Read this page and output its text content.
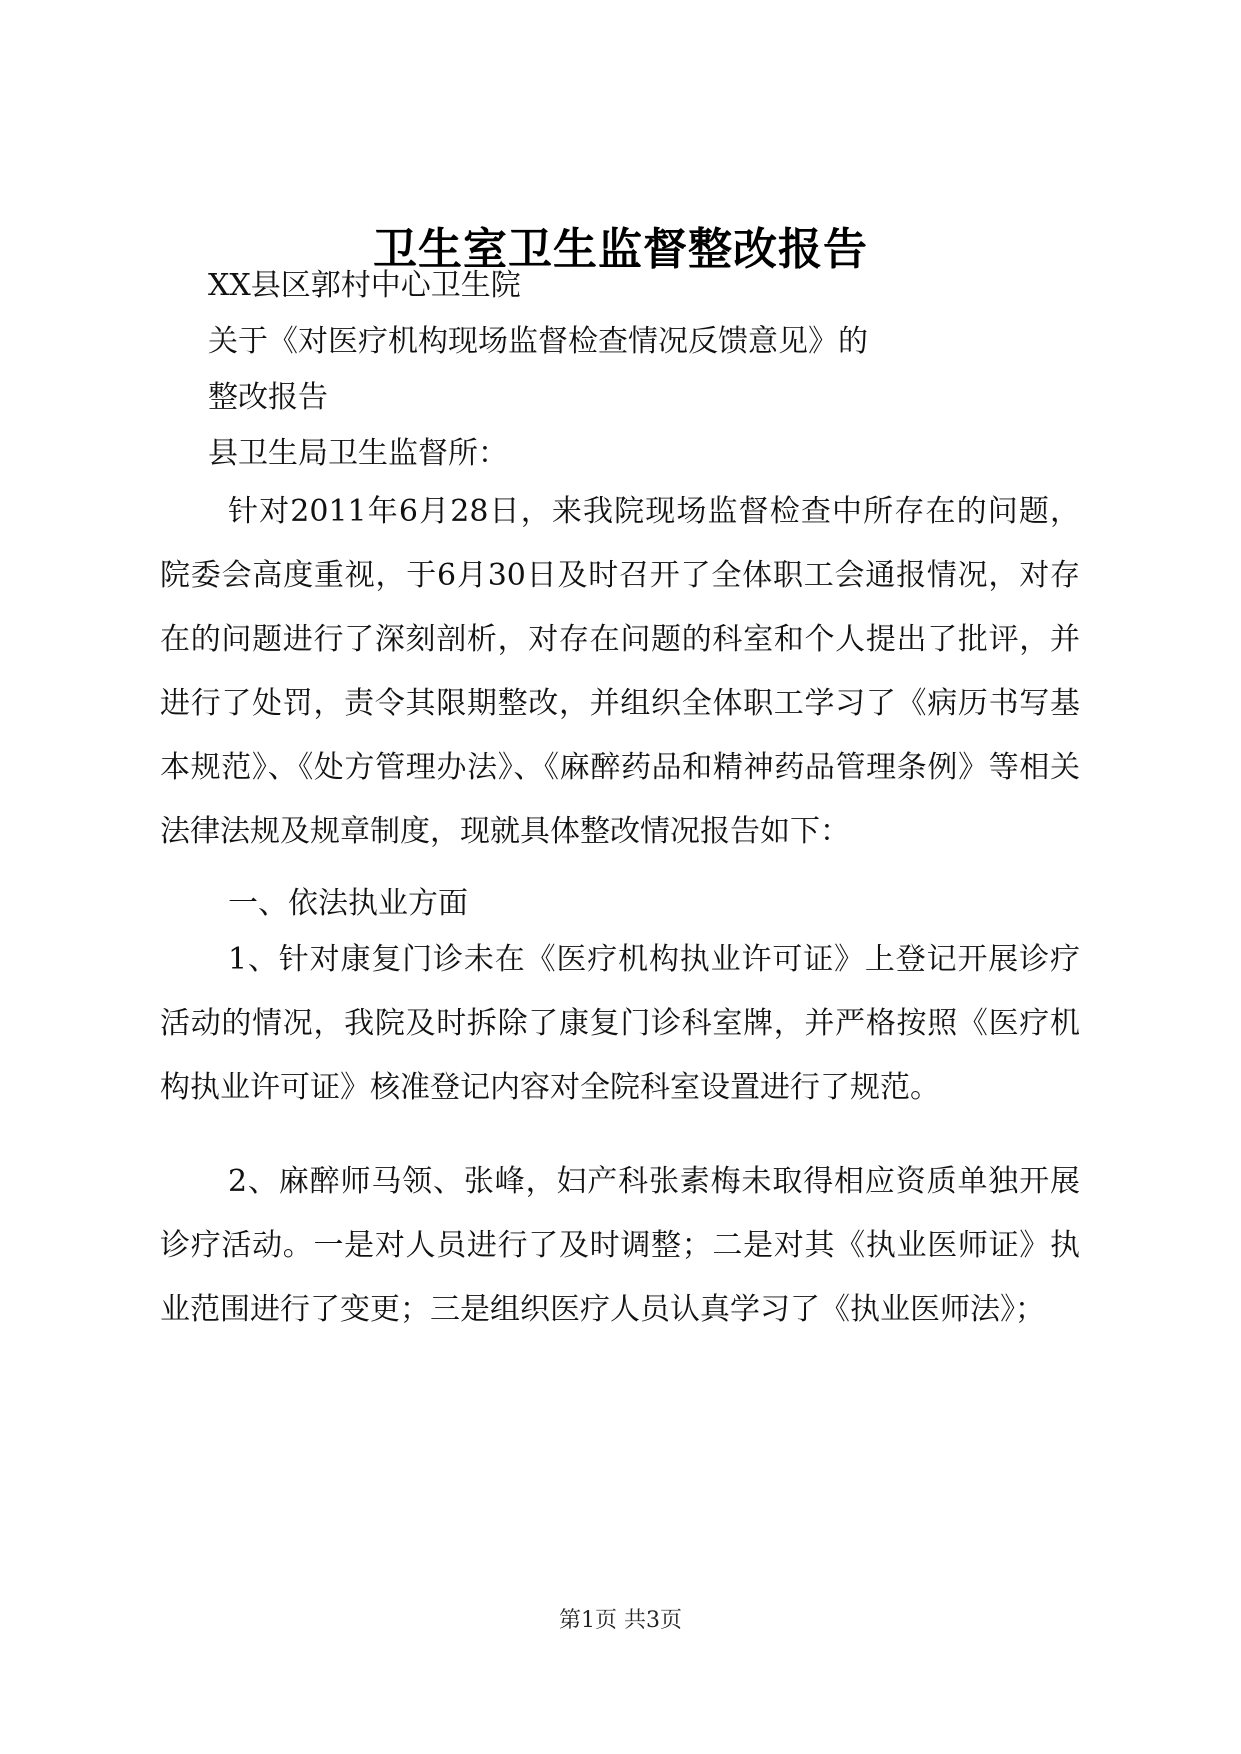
卫生室卫生监督整改报告
XX县区郭村中心卫生院
关于《对医疗机构现场监督检查情况反馈意见》的
整改报告
县卫生局卫生监督所：
针对2011年6月28日，来我院现场监督检查中所存在的问题，院委会高度重视，于6月30日及时召开了全体职工会通报情况，对存在的问题进行了深刻剖析，对存在问题的科室和个人提出了批评，并进行了处罚，责令其限期整改，并组织全体职工学习了《病历书写基本规范》、《处方管理办法》、《麻醉药品和精神药品管理条例》等相关法律法规及规章制度，现就具体整改情况报告如下：
一、依法执业方面
1、针对康复门诊未在《医疗机构执业许可证》上登记开展诊疗活动的情况，我院及时拆除了康复门诊科室牌，并严格按照《医疗机构执业许可证》核准登记内容对全院科室设置进行了规范。
2、麻醉师马领、张峰，妇产科张素梅未取得相应资质单独开展诊疗活动。一是对人员进行了及时调整；二是对其《执业医师证》执业范围进行了变更；三是组织医疗人员认真学习了《执业医师法》；
第1页 共3页
